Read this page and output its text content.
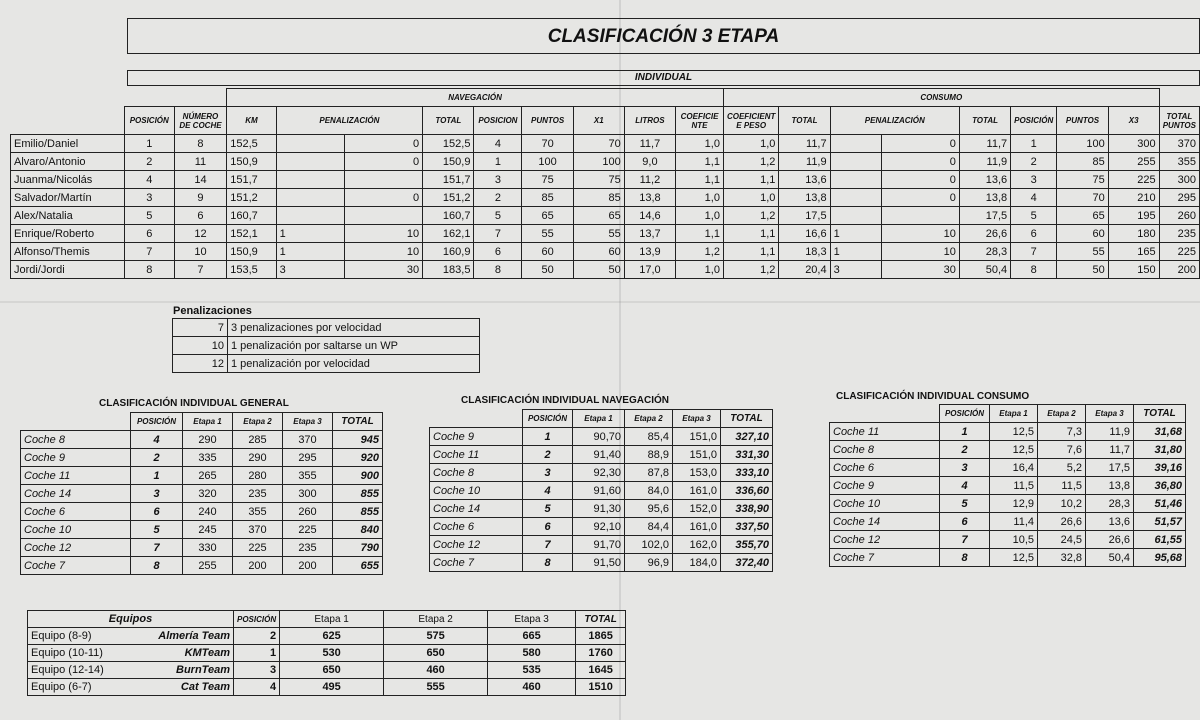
CLASIFICACIÓN 3 ETAPA
INDIVIDUAL
			NAVEGACIÓN									CONSUMO								
	POSICIÓN	NÚMERO DE COCHE	KM	PENALIZACIÓN		TOTAL	POSICION	PUNTOS	X1	LITROS	COEFICIE NTE	COEFICIENT E PESO	TOTAL	PENALIZACIÓN		TOTAL	POSICIÓN	PUNTOS	X3	TOTAL PUNTOS
Emilio/Daniel	1	8	152,5		0	152,5	4	70	70	11,7	1,0	1,0	11,7		0	11,7	1	100	300	370
Alvaro/Antonio	2	11	150,9		0	150,9	1	100	100	9,0	1,1	1,2	11,9		0	11,9	2	85	255	355
Juanma/Nicolás	4	14	151,7			151,7	3	75	75	11,2	1,1	1,1	13,6		0	13,6	3	75	225	300
Salvador/Martín	3	9	151,2		0	151,2	2	85	85	13,8	1,0	1,0	13,8		0	13,8	4	70	210	295
Alex/Natalia	5	6	160,7			160,7	5	65	65	14,6	1,0	1,2	17,5			17,5	5	65	195	260
Enrique/Roberto	6	12	152,1	1	10	162,1	7	55	55	13,7	1,1	1,1	16,6	1	10	26,6	6	60	180	235
Alfonso/Themis	7	10	150,9	1	10	160,9	6	60	60	13,9	1,2	1,1	18,3	1	10	28,3	7	55	165	225
Jordi/Jordi	8	7	153,5	3	30	183,5	8	50	50	17,0	1,0	1,2	20,4	3	30	50,4	8	50	150	200
Penalizaciones
7	3 penalizaciones por velocidad
10	1 penalización por saltarse un WP
12	1 penalización por velocidad
CLASIFICACIÓN INDIVIDUAL GENERAL
	POSICIÓN	Etapa 1	Etapa 2	Etapa 3	TOTAL
Coche 8	4	290	285	370	945
Coche 9	2	335	290	295	920
Coche 11	1	265	280	355	900
Coche 14	3	320	235	300	855
Coche 6	6	240	355	260	855
Coche 10	5	245	370	225	840
Coche 12	7	330	225	235	790
Coche 7	8	255	200	200	655
CLASIFICACIÓN INDIVIDUAL NAVEGACIÓN
	POSICIÓN	Etapa 1	Etapa 2	Etapa 3	TOTAL
Coche 9	1	90,70	85,4	151,0	327,10
Coche 11	2	91,40	88,9	151,0	331,30
Coche 8	3	92,30	87,8	153,0	333,10
Coche 10	4	91,60	84,0	161,0	336,60
Coche 14	5	91,30	95,6	152,0	338,90
Coche 6	6	92,10	84,4	161,0	337,50
Coche 12	7	91,70	102,0	162,0	355,70
Coche 7	8	91,50	96,9	184,0	372,40
CLASIFICACIÓN INDIVIDUAL CONSUMO
	POSICIÓN	Etapa 1	Etapa 2	Etapa 3	TOTAL
Coche 11	1	12,5	7,3	11,9	31,68
Coche 8	2	12,5	7,6	11,7	31,80
Coche 6	3	16,4	5,2	17,5	39,16
Coche 9	4	11,5	11,5	13,8	36,80
Coche 10	5	12,9	10,2	28,3	51,46
Coche 14	6	11,4	26,6	13,6	51,57
Coche 12	7	10,5	24,5	26,6	61,55
Coche 7	8	12,5	32,8	50,4	95,68
Equipos		POSICIÓN	Etapa 1	Etapa 2	Etapa 3	TOTAL
Equipo (8-9)	Almería Team	2	625	575	665	1865
Equipo (10-11)	KMTeam	1	530	650	580	1760
Equipo (12-14)	BurnTeam	3	650	460	535	1645
Equipo (6-7)	Cat Team	4	495	555	460	1510
